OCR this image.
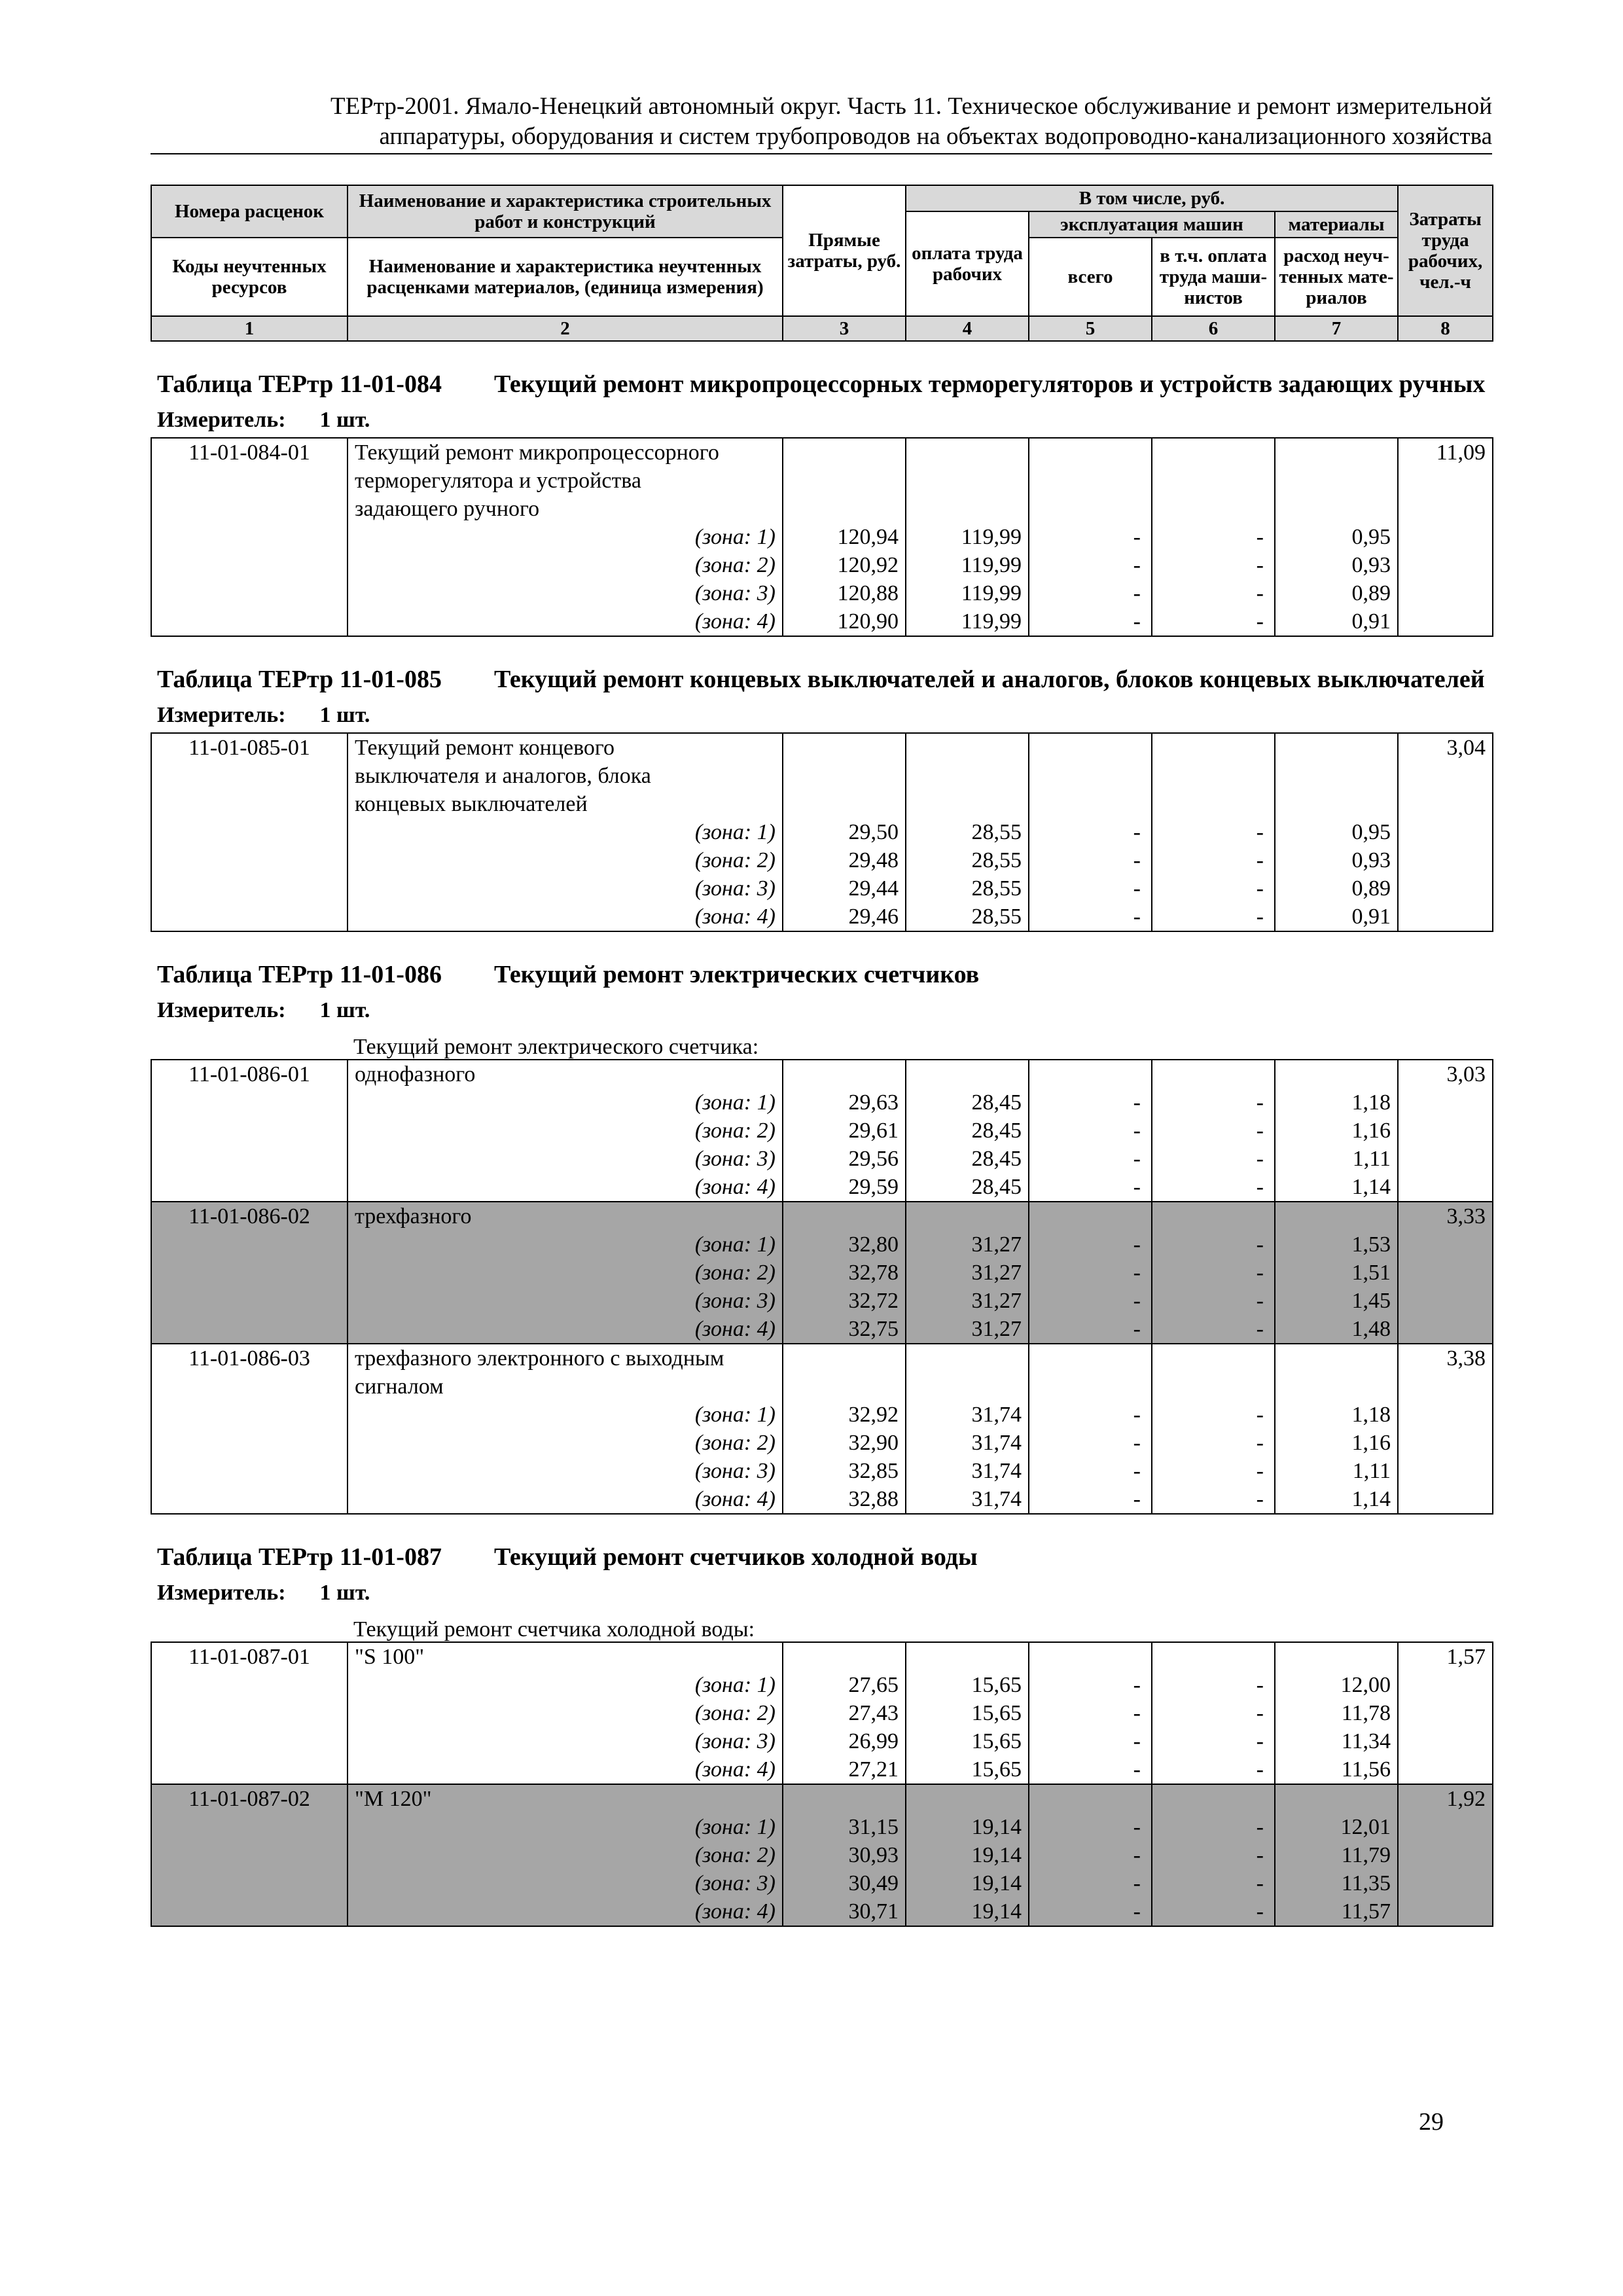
ТЕРтр-2001. Ямало-Ненецкий автономный округ. Часть 11. Техническое обслуживание и ремонт измерительной
аппаратуры, оборудования и систем трубопроводов на объектах водопроводно-канализационного хозяйства
Номера расценок	Наименование и характеристика строительных работ и конструкций	Прямые затраты, руб.	В том числе, руб.				Затраты труда рабочих, чел.-ч
			оплата труда рабочих	эксплуатация машин		материалы	
Коды неучтенных ресурсов	Наименование и характеристика неучтенных расценками материалов, (единица измерения)			всего	в т.ч. оплата труда маши-нистов	расход неуч-тенных мате-риалов	

1	2	3	4	5	6	7	8
Таблица ТЕРтр 11-01-084	Текущий ремонт микропроцессорных терморегуляторов и устройств задающих ручных
Измеритель: 1 шт.
11-01-084-01	Текущий ремонт микропроцессорного						11,09
	терморегулятора и устройства						
	задающего ручного						
	(зона: 1)	120,94	119,99	-	-	0,95	
	(зона: 2)	120,92	119,99	-	-	0,93	
	(зона: 3)	120,88	119,99	-	-	0,89	
	(зона: 4)	120,90	119,99	-	-	0,91	
Таблица ТЕРтр 11-01-085	Текущий ремонт концевых выключателей и аналогов, блоков концевых выключателей
Измеритель: 1 шт.
11-01-085-01	Текущий ремонт концевого						3,04
	выключателя и аналогов, блока						
	концевых выключателей						
	(зона: 1)	29,50	28,55	-	-	0,95	
	(зона: 2)	29,48	28,55	-	-	0,93	
	(зона: 3)	29,44	28,55	-	-	0,89	
	(зона: 4)	29,46	28,55	-	-	0,91	
Таблица ТЕРтр 11-01-086	Текущий ремонт электрических счетчиков
Измеритель: 1 шт.
Текущий ремонт электрического счетчика:
11-01-086-01	однофазного						3,03
	(зона: 1)	29,63	28,45	-	-	1,18	
	(зона: 2)	29,61	28,45	-	-	1,16	
	(зона: 3)	29,56	28,45	-	-	1,11	
	(зона: 4)	29,59	28,45	-	-	1,14	
11-01-086-02	трехфазного						3,33
	(зона: 1)	32,80	31,27	-	-	1,53	
	(зона: 2)	32,78	31,27	-	-	1,51	
	(зона: 3)	32,72	31,27	-	-	1,45	
	(зона: 4)	32,75	31,27	-	-	1,48	
11-01-086-03	трехфазного электронного с выходным						3,38
	сигналом						
	(зона: 1)	32,92	31,74	-	-	1,18	
	(зона: 2)	32,90	31,74	-	-	1,16	
	(зона: 3)	32,85	31,74	-	-	1,11	
	(зона: 4)	32,88	31,74	-	-	1,14	
Таблица ТЕРтр 11-01-087	Текущий ремонт счетчиков холодной воды
Измеритель: 1 шт.
Текущий ремонт счетчика холодной воды:
11-01-087-01	"S 100"						1,57
	(зона: 1)	27,65	15,65	-	-	12,00	
	(зона: 2)	27,43	15,65	-	-	11,78	
	(зона: 3)	26,99	15,65	-	-	11,34	
	(зона: 4)	27,21	15,65	-	-	11,56	
11-01-087-02	"M 120"						1,92
	(зона: 1)	31,15	19,14	-	-	12,01	
	(зона: 2)	30,93	19,14	-	-	11,79	
	(зона: 3)	30,49	19,14	-	-	11,35	
	(зона: 4)	30,71	19,14	-	-	11,57	
29
